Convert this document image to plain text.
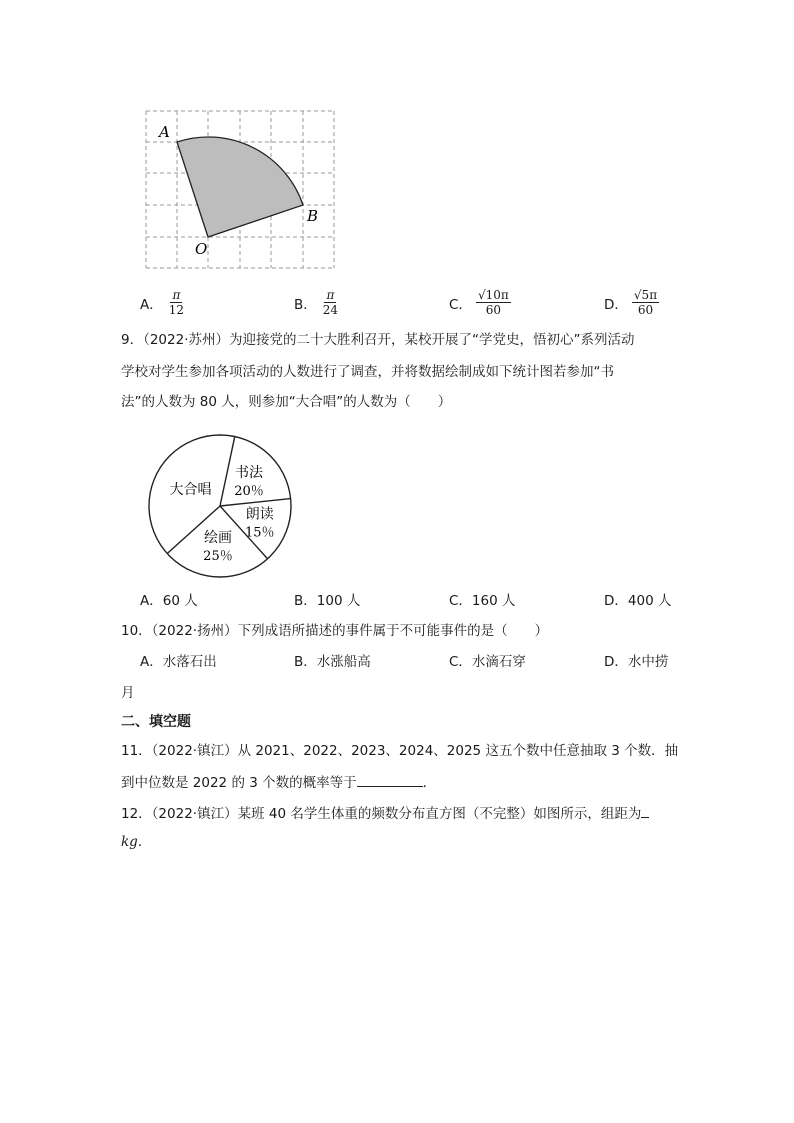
A
B
O
A． $\frac{\pi}{12}$	B． $\frac{\pi}{24}$	C． $\frac{√10\pi}{60}$	D． $\frac{√5\pi}{60}$
9．（2022·苏州）为迎接党的二十大胜利召开，某校开展了“学党史，悟初心”系列活动
学校对学生参加各项活动的人数进行了调查，并将数据绘制成如下统计图若参加“书
法”的人数为 80 人，则参加“大合唱”的人数为（　　）
书法
20％
朗读
15％
绘画
25％
大合唱
A．60 人	B．100 人	C．160 人	D．400 人
10．（2022·扬州）下列成语所描述的事件属于不可能事件的是（　　）
A．水落石出	B．水涨船高	C．水滴石穿	D．水中捞
月
二、填空题
11．（2022·镇江）从 2021、2022、2023、2024、2025 这五个数中任意抽取 3 个数．抽
到中位数是 2022 的 3 个数的概率等于	．
12．（2022·镇江）某班 40 名学生体重的频数分布直方图（不完整）如图所示，组距为
kg．
